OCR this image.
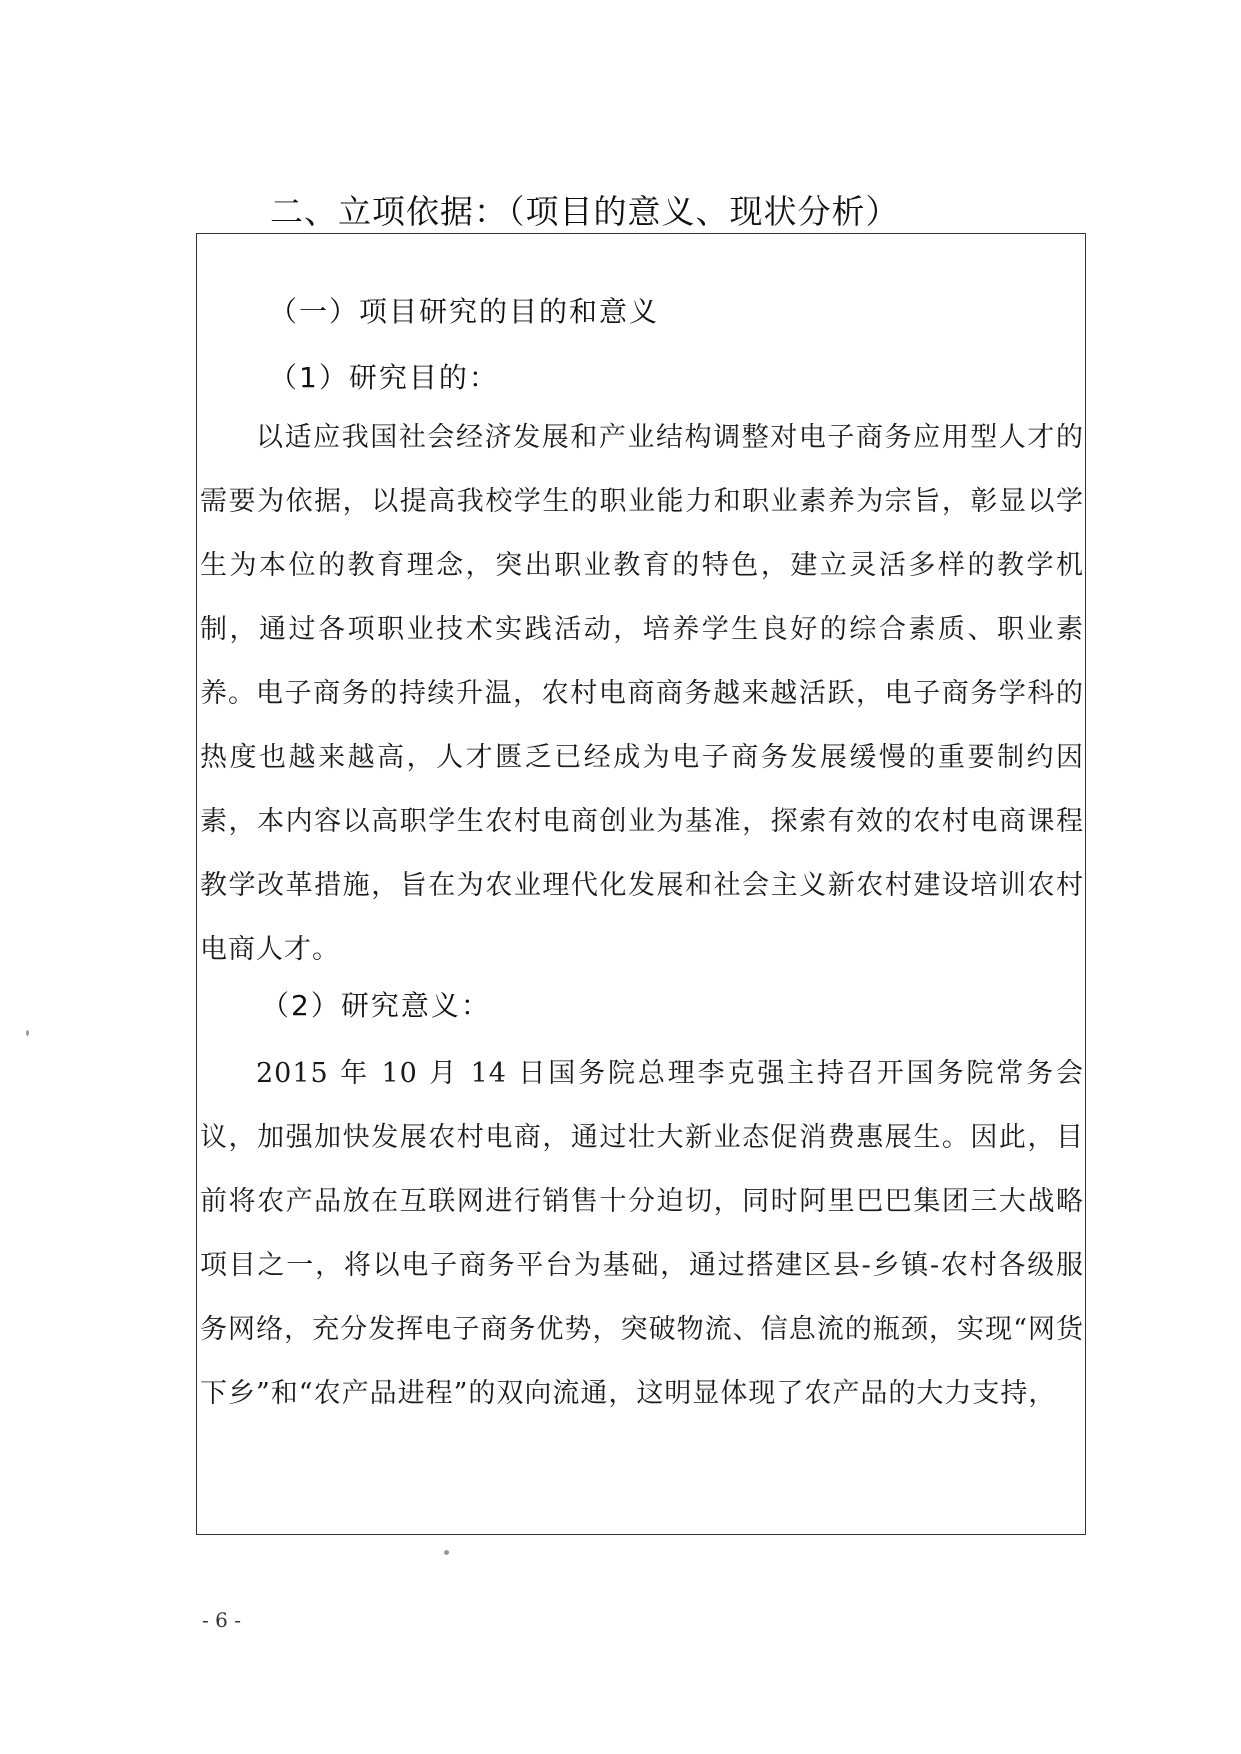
二、立项依据：（项目的意义、现状分析）
（一）项目研究的目的和意义
（1）研究目的：

以适应我国社会经济发展和产业结构调整对电子商务应用型人才的需要为依据，以提高我校学生的职业能力和职业素养为宗旨，彰显以学生为本位的教育理念，突出职业教育的特色，建立灵活多样的教学机制，通过各项职业技术实践活动，培养学生良好的综合素质、职业素养。 电子商务的持续升温，农村电商商务越来越活跃，电子商务学科的热度也越来越高，人才匮乏已经成为电子商务发展缓慢的重要制约因素，本内容以高职学生农村电商创业为基准，探索有效的农村电商课程教学改革措施，旨在为农业理代化发展和社会主义新农村建设培训农村电商人才。

（2）研究意义：

2015 年 10 月 14 日国务院总理李克强主持召开国务院常务会议，加强加快发展农村电商，通过壮大新业态促消费惠展生。因此，目前将农产品放在互联网进行销售十分迫切，同时阿里巴巴集团三大战略项目之一，将以电子商务平台为基础，通过搭建区县-乡镇-农村各级服务网络，充分发挥电子商务优势，突破物流、信息流的瓶颈，实现“网货下乡”和“农产品进程”的双向流通，这明显体现了农产品的大力支持，

- 6 -
